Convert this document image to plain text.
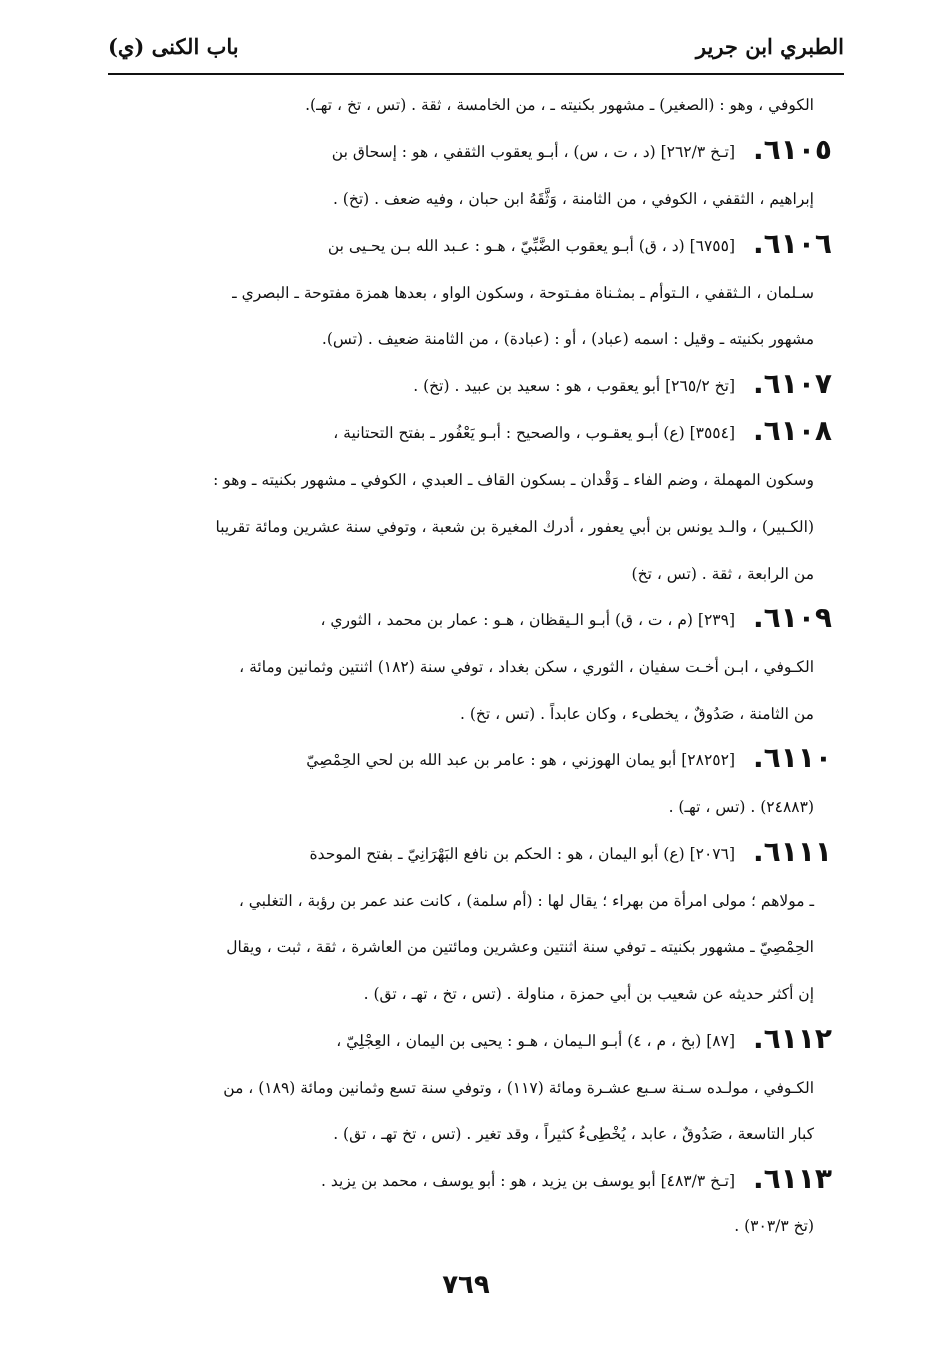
الطبري ابن جرير
باب الكنى (ي)
الكوفي ، وهو : (الصغير) ـ مشهور بكنيته ـ ، من الخامسة ، ثقة . (تس ، تخ ، تهـ).
٦١٠٥.[تـخ ٢٦٢/٣] (د ، ت ، س) ، أبـو يعقوب الثقفي ، هو : إسحاق بن
إبراهيم ، الثقفي ، الكوفي ، من الثامنة ، وَثَّقَهُ ابن حبان ، وفيه ضعف . (تخ) .
٦١٠٦.[٦٧٥٥] (د ، ق) أبـو يعقوب الضَّبِّيّ ، هـو : عـبد الله بـن يحـيى بن
سـلمان ، الـثقفي ، الـتوأم ـ بمثـناة مفـتوحة ، وسكون الواو ، بعدها همزة مفتوحة ـ البصري ـ
مشهور بكنيته ـ وقيل : اسمه (عباد) ، أو : (عبادة) ، من الثامنة ضعيف . (تس).
٦١٠٧.[تخ ٢٦٥/٢] أبو يعقوب ، هو : سعيد بن عبيد . (تخ) .
٦١٠٨.[٣٥٥٤] (ع) أبـو يعقـوب ، والصحيح : أبـو يَعْفُور ـ بفتح التحتانية ،
وسكون المهملة ، وضم الفاء ـ وَقْدان ـ بسكون القاف ـ العبدي ، الكوفي ـ مشهور بكنيته ـ وهو :
(الكـبير) ، والـد يونس بن أبي يعفور ، أدرك المغيرة بن شعبة ، وتوفي سنة عشرين ومائة تقريبا
من الرابعة ، ثقة . (تس ، تخ)
٦١٠٩.[٢٣٩] (م ، ت ، ق) أبـو الـيقظان ، هـو : عمار بن محمد ، الثوري ،
الكـوفي ، ابـن أخـت سفيان ، الثوري ، سكن بغداد ، توفي سنة (١٨٢) اثنتين وثمانين ومائة ،
من الثامنة ، صَدُوقٌ ، يخطىء ، وكان عابداً . (تس ، تخ) .
٦١١٠.[٢٨٢٥٢] أبو يمان الهوزني ، هو : عامر بن عبد الله بن لحي الحِمْصِيّ
(٢٤٨٨٣) . (تس ، تهـ) .
٦١١١.[٢٠٧٦] (ع) أبو اليمان ، هو : الحكم بن نافع البَهْرَانِيّ ـ بفتح الموحدة
ـ مولاهم ؛ مولى امرأة من بهراء ؛ يقال لها : (أم سلمة) ، كانت عند عمر بن رؤبة ، التغلبي ،
الحِمْصِيّ ـ مشهور بكنيته ـ توفي سنة اثنتين وعشرين ومائتين من العاشرة ، ثقة ، ثبت ، ويقال
إن أكثر حديثه عن شعيب بن أبي حمزة ، مناولة . (تس ، تخ ، تهـ ، تق) .
٦١١٢.[٨٧] (بخ ، م ، ٤) أبـو الـيمان ، هـو : يحيى بن اليمان ، العِجْلِيّ ،
الكـوفي ، مولـده سـنة سـبع عشـرة ومائة (١١٧) ، وتوفي سنة تسع وثمانين ومائة (١٨٩) ، من
كبار التاسعة ، صَدُوقٌ ، عابد ، يُخْطِىءُ كثيراً ، وقد تغير . (تس ، تخ تهـ ، تق) .
٦١١٣.[تـخ ٤٨٣/٣] أبو يوسف بن يزيد ، هو : أبو يوسف ، محمد بن يزيد .
(تخ ٣٠٣/٣) .
٧٦٩
